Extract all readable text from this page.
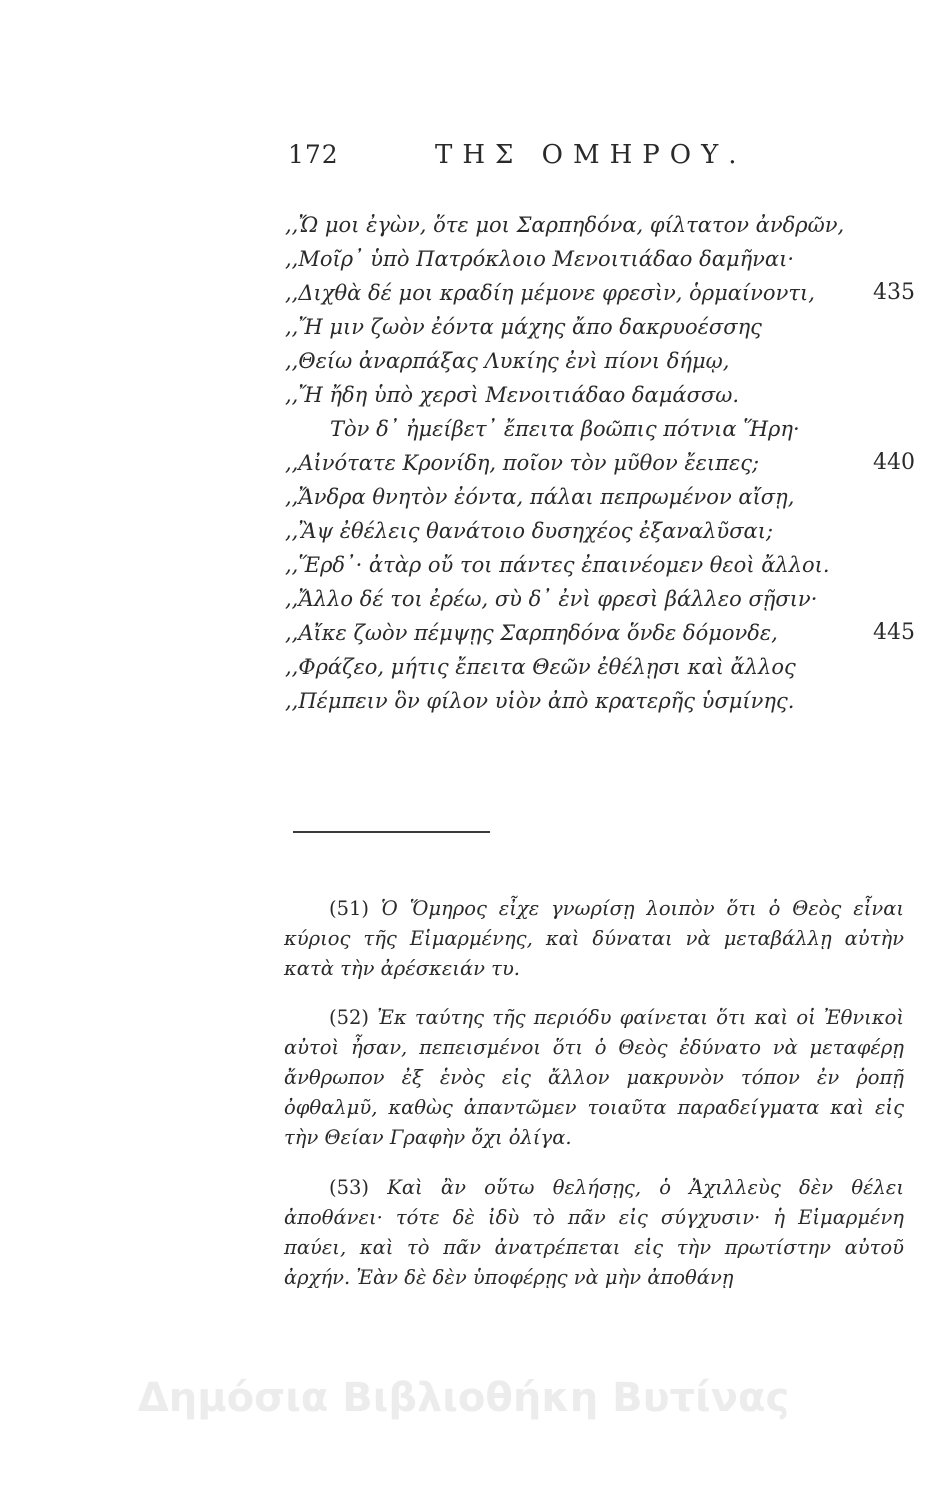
172	ΤΗΣ ΟΜΗΡΟΥ.
,,Ὤ μοι ἐγὼν, ὅτε μοι Σαρπηδόνα, φίλτατον ἀνδρῶν,
,,Μοῖρ᾽ ὑπὸ Πατρόκλοιο Μενοιτιάδαο δαμῆναι·
,,Διχθὰ δέ μοι κραδίη μέμονε φρεσὶν, ὁρμαίνοντι,	435
,,Ἤ μιν ζωὸν ἐόντα μάχης ἄπο δακρυοέσσης
,,Θείω ἀναρπάξας Λυκίης ἐνὶ πίονι δήμῳ,
,,Ἤ ἤδη ὑπὸ χερσὶ Μενοιτιάδαο δαμάσσω.
Τὸν δ᾽ ἠμείβετ᾽ ἔπειτα βοῶπις πότνια Ἥρη·
,,Αἰνότατε Κρονίδη, ποῖον τὸν μῦθον ἔειπες;	440
,,Ἄνδρα θνητὸν ἐόντα, πάλαι πεπρωμένον αἴσῃ,
,,Ἂψ ἐθέλεις θανάτοιο δυσηχέος ἐξαναλῦσαι;
,,Ἕρδ᾽· ἀτὰρ οὔ τοι πάντες ἐπαινέομεν θεοὶ ἄλλοι.
,,Ἄλλο δέ τοι ἐρέω, σὺ δ᾽ ἐνὶ φρεσὶ βάλλεο σῇσιν·
,,Αἴκε ζωὸν πέμψῃς Σαρπηδόνα ὅνδε δόμονδε,	445
,,Φράζεο, μήτις ἔπειτα Θεῶν ἐθέλῃσι καὶ ἄλλος
,,Πέμπειν ὃν φίλον υἱὸν ἀπὸ κρατερῆς ὑσμίνης.

(51) Ὁ Ὅμηρος εἶχε γνωρίσῃ λοιπὸν ὅτι ὁ Θεὸς εἶναι κύριος τῆς Εἱμαρμένης, καὶ δύναται νὰ μεταβάλλῃ αὐτὴν κατὰ τὴν ἀρέσκειάν τυ.

(52) Ἐκ ταύτης τῆς περιόδυ φαίνεται ὅτι καὶ οἱ Ἐθνικοὶ αὐτοὶ ἦσαν, πεπεισμένοι ὅτι ὁ Θεὸς ἐδύνατο νὰ μεταφέρῃ ἄνθρωπον ἐξ ἑνὸς εἰς ἄλλον μακρυνὸν τόπον ἐν ῥοπῇ ὀφθαλμῦ, καθὼς ἀπαντῶμεν τοιαῦτα παραδείγματα καὶ εἰς τὴν Θείαν Γραφὴν ὄχι ὀλίγα.

(53) Καὶ ἂν οὕτω θελήσῃς, ὁ Ἀχιλλεὺς δὲν θέλει ἀποθάνει· τότε δὲ ἰδὺ τὸ πᾶν εἰς σύγχυσιν· ἡ Εἱμαρμένη παύει, καὶ τὸ πᾶν ἀνατρέπεται εἰς τὴν πρωτίστην αὐτοῦ ἀρχήν. Ἐὰν δὲ δὲν ὑποφέρῃς νὰ μὴν ἀποθάνῃ

Δημόσια Βιβλιοθήκη Βυτίνας
